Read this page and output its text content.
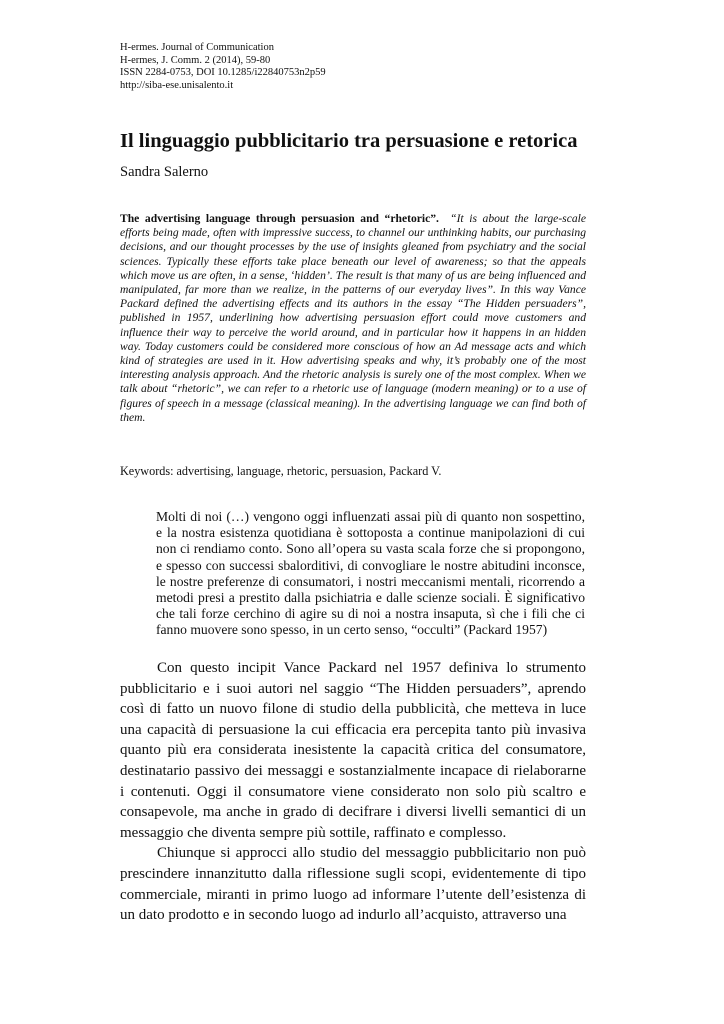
H-ermes. Journal of Communication
H-ermes, J. Comm. 2 (2014), 59-80
ISSN 2284-0753, DOI 10.1285/i22840753n2p59
http://siba-ese.unisalento.it
Il linguaggio pubblicitario tra persuasione e retorica
Sandra Salerno
The advertising language through persuasion and “rhetoric”. “It is about the large-scale efforts being made, often with impressive success, to channel our unthinking habits, our purchasing decisions, and our thought processes by the use of insights gleaned from psychiatry and the social sciences. Typically these efforts take place beneath our level of awareness; so that the appeals which move us are often, in a sense, ‘hidden’. The result is that many of us are being influenced and manipulated, far more than we realize, in the patterns of our everyday lives”. In this way Vance Packard defined the advertising effects and its authors in the essay “The Hidden persuaders”, published in 1957, underlining how advertising persuasion effort could move customers and influence their way to perceive the world around, and in particular how it happens in an hidden way. Today customers could be considered more conscious of how an Ad message acts and which kind of strategies are used in it. How advertising speaks and why, it’s probably one of the most interesting analysis approach. And the rhetoric analysis is surely one of the most complex. When we talk about “rhetoric”, we can refer to a rhetoric use of language (modern meaning) or to a use of figures of speech in a message (classical meaning). In the advertising language we can find both of them.
Keywords: advertising, language, rhetoric, persuasion, Packard V.
Molti di noi (…) vengono oggi influenzati assai più di quanto non sospettino, e la nostra esistenza quotidiana è sottoposta a continue manipolazioni di cui non ci rendiamo conto. Sono all’opera su vasta scala forze che si propongono, e spesso con successi sbalorditivi, di convogliare le nostre abitudini inconsce, le nostre preferenze di consumatori, i nostri meccanismi mentali, ricorrendo a metodi presi a prestito dalla psichiatria e dalle scienze sociali. È significativo che tali forze cerchino di agire su di noi a nostra insaputa, sì che i fili che ci fanno muovere sono spesso, in un certo senso, “occulti” (Packard 1957)

Con questo incipit Vance Packard nel 1957 definiva lo strumento pubblicitario e i suoi autori nel saggio “The Hidden persuaders”, aprendo così di fatto un nuovo filone di studio della pubblicità, che metteva in luce una capacità di persuasione la cui efficacia era percepita tanto più invasiva quanto più era considerata inesistente la capacità critica del consumatore, destinatario passivo dei messaggi e sostanzialmente incapace di rielaborarne i contenuti. Oggi il consumatore viene considerato non solo più scaltro e consapevole, ma anche in grado di decifrare i diversi livelli semantici di un messaggio che diventa sempre più sottile, raffinato e complesso.

Chiunque si approcci allo studio del messaggio pubblicitario non può prescindere innanzitutto dalla riflessione sugli scopi, evidentemente di tipo commerciale, miranti in primo luogo ad informare l’utente dell’esistenza di un dato prodotto e in secondo luogo ad indurlo all’acquisto, attraverso una
